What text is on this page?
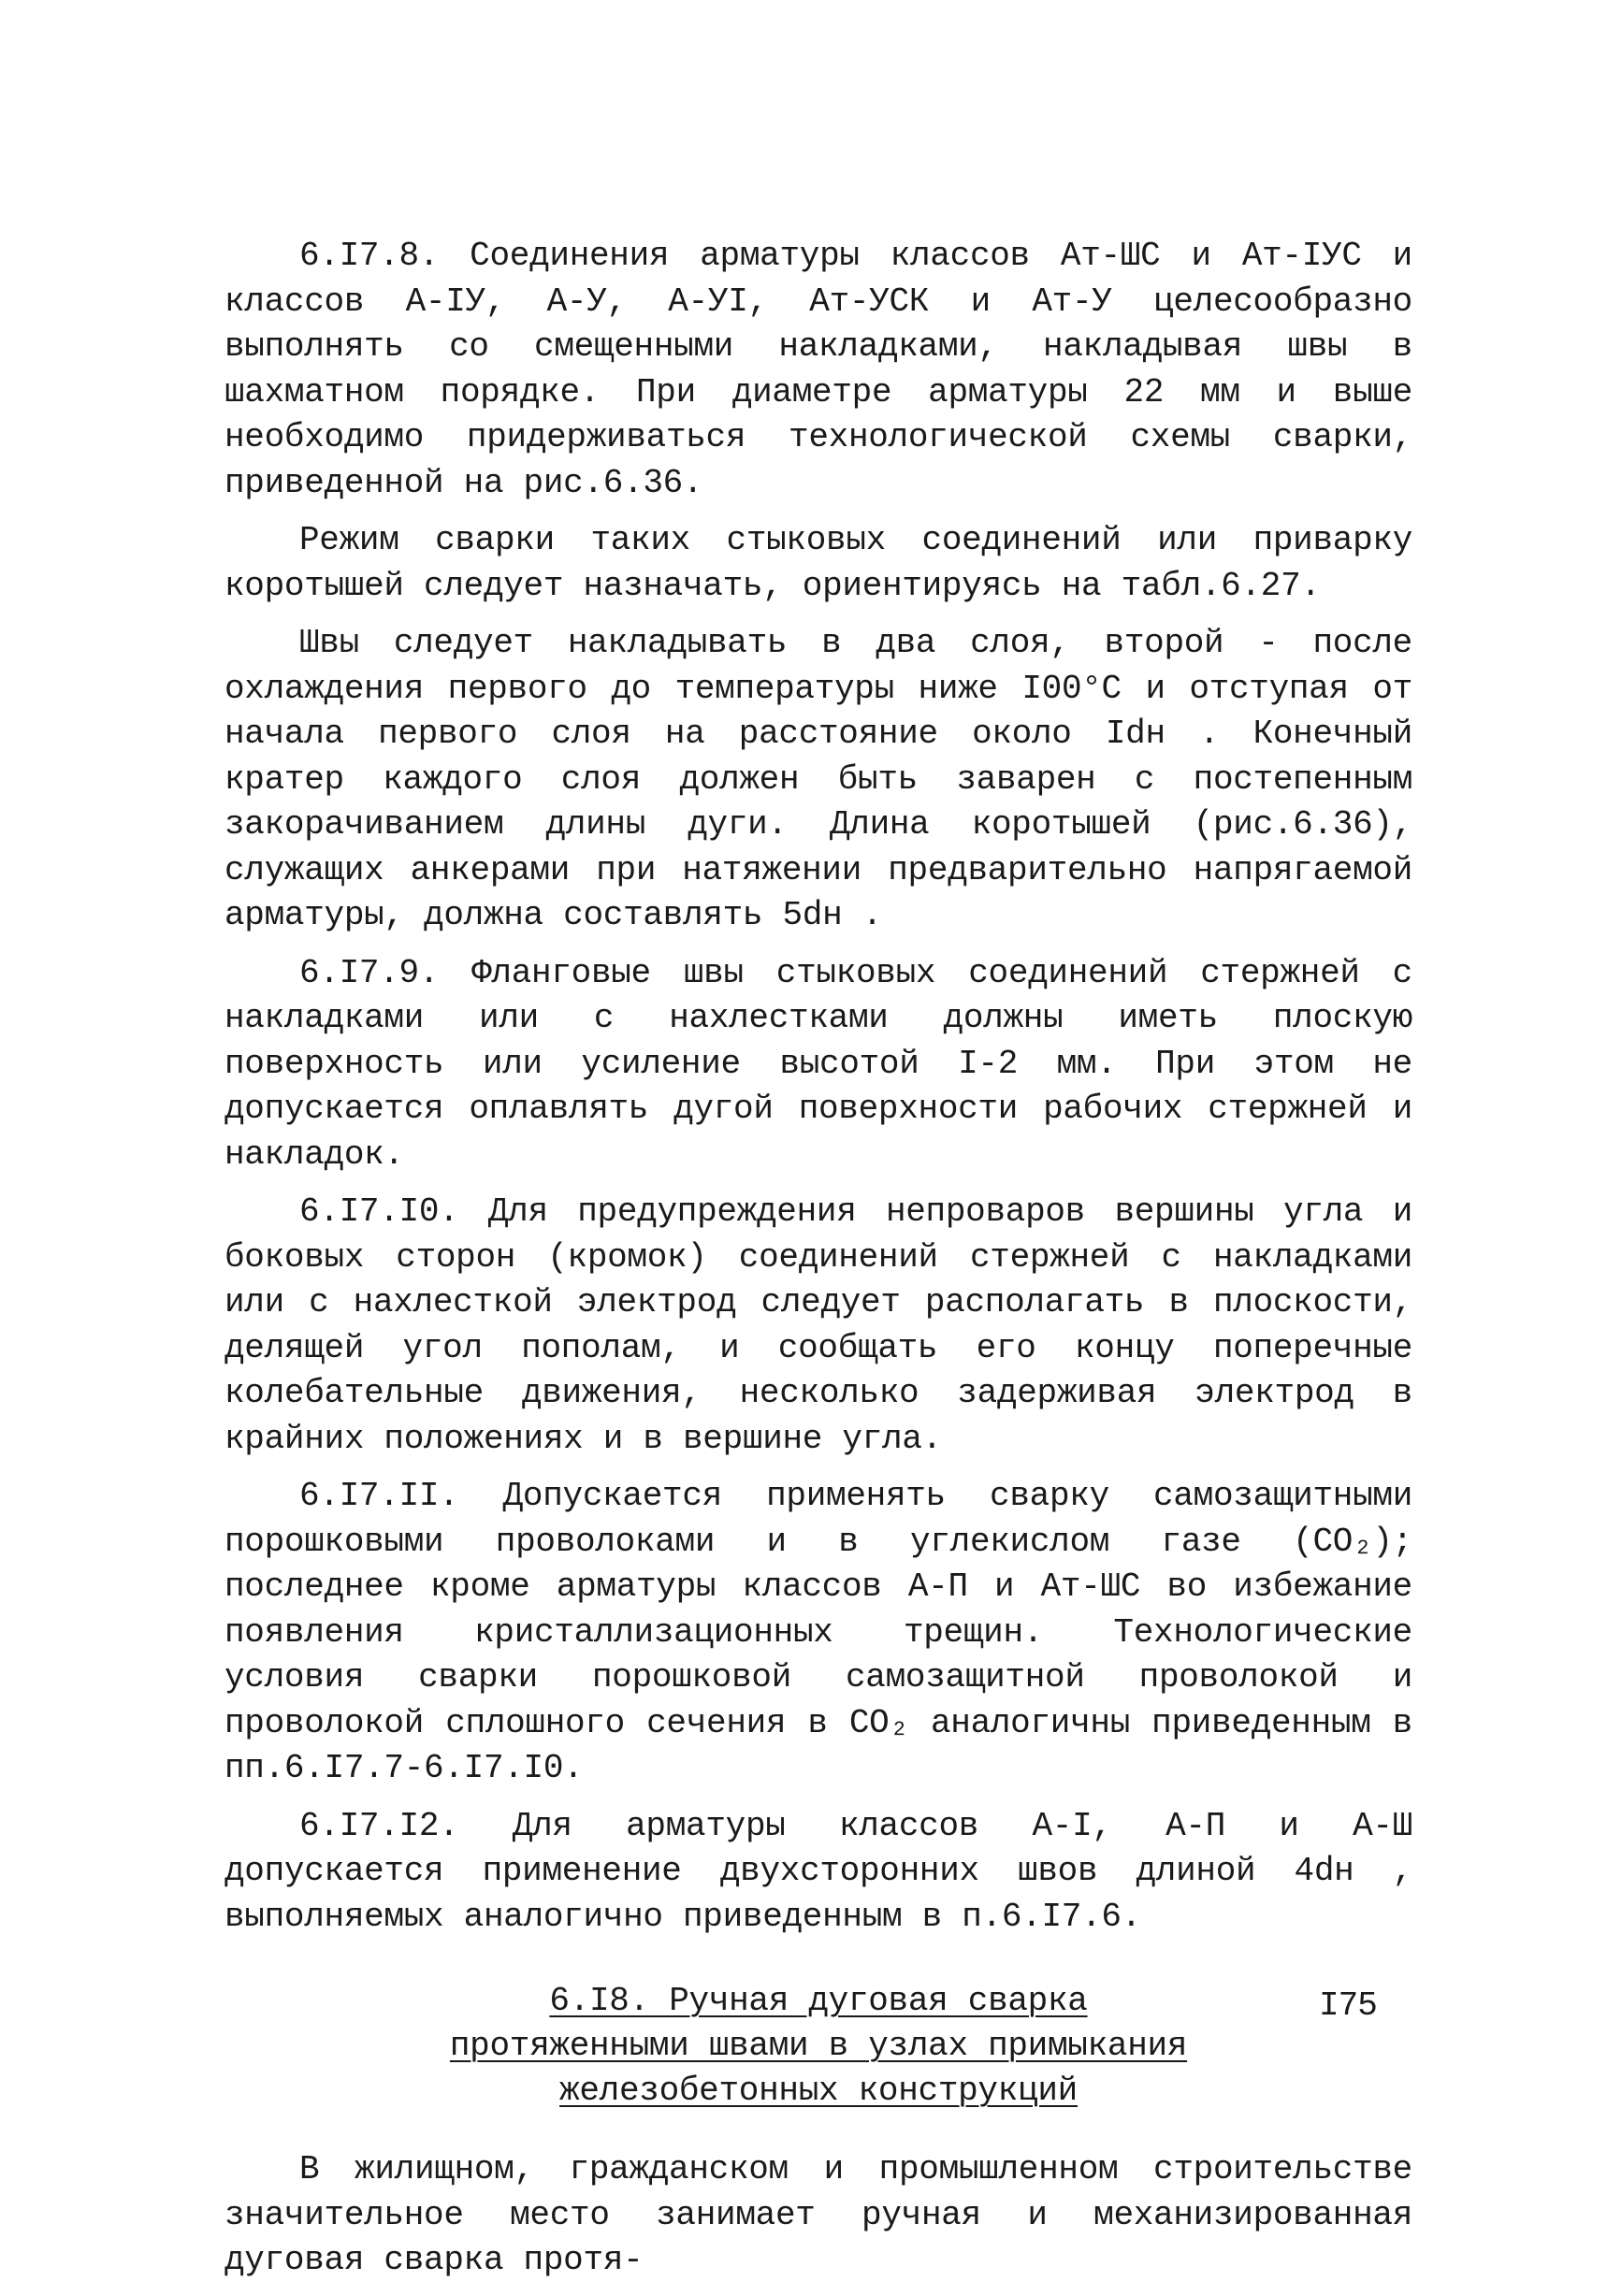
6.I7.8. Соединения арматуры классов Ат-ШС и Ат-IУС и классов А-IУ, А-У, А-УI, Ат-УСК и Ат-У целесообразно выполнять со смещенными накладками, накладывая швы в шахматном порядке. При диаметре арматуры 22 мм и выше необходимо придерживаться технологической схемы сварки, приведенной на рис.6.36.

Режим сварки таких стыковых соединений или приварку коротышей следует назначать, ориентируясь на табл.6.27.

Швы следует накладывать в два слоя, второй - после охлаждения первого до температуры ниже I00°С и отступая от начала первого слоя на расстояние около Idн . Конечный кратер каждого слоя должен быть заварен с постепенным закорачиванием длины дуги. Длина коротышей (рис.6.36), служащих анкерами при натяжении предварительно напрягаемой арматуры, должна составлять 5dн .

6.I7.9. Фланговые швы стыковых соединений стержней с накладками или с нахлестками должны иметь плоскую поверхность или усиление высотой I-2 мм. При этом не допускается оплавлять дугой поверхности рабочих стержней и накладок.

6.I7.I0. Для предупреждения непроваров вершины угла и боковых сторон (кромок) соединений стержней с накладками или с нахлесткой электрод следует располагать в плоскости, делящей угол пополам, и сообщать его концу поперечные колебательные движения, несколько задерживая электрод в крайних положениях и в вершине угла.

6.I7.II. Допускается применять сварку самозащитными порошковыми проволоками и в углекислом газе (CO₂); последнее кроме арматуры классов А-П и Ат-ШС во избежание появления кристаллизационных трещин. Технологические условия сварки порошковой самозащитной проволокой и проволокой сплошного сечения в CO₂ аналогичны приведенным в пп.6.I7.7-6.I7.I0.

6.I7.I2. Для арматуры классов А-I, А-П и А-Ш допускается применение двухсторонних швов длиной 4dн , выполняемых аналогично приведенным в п.6.I7.6.

6.I8. Ручная дуговая сварка
протяженными швами в узлах примыкания
железобетонных конструкций

В жилищном, гражданском и промышленном строительстве значительное место занимает ручная и механизированная дуговая сварка протя-

I75
